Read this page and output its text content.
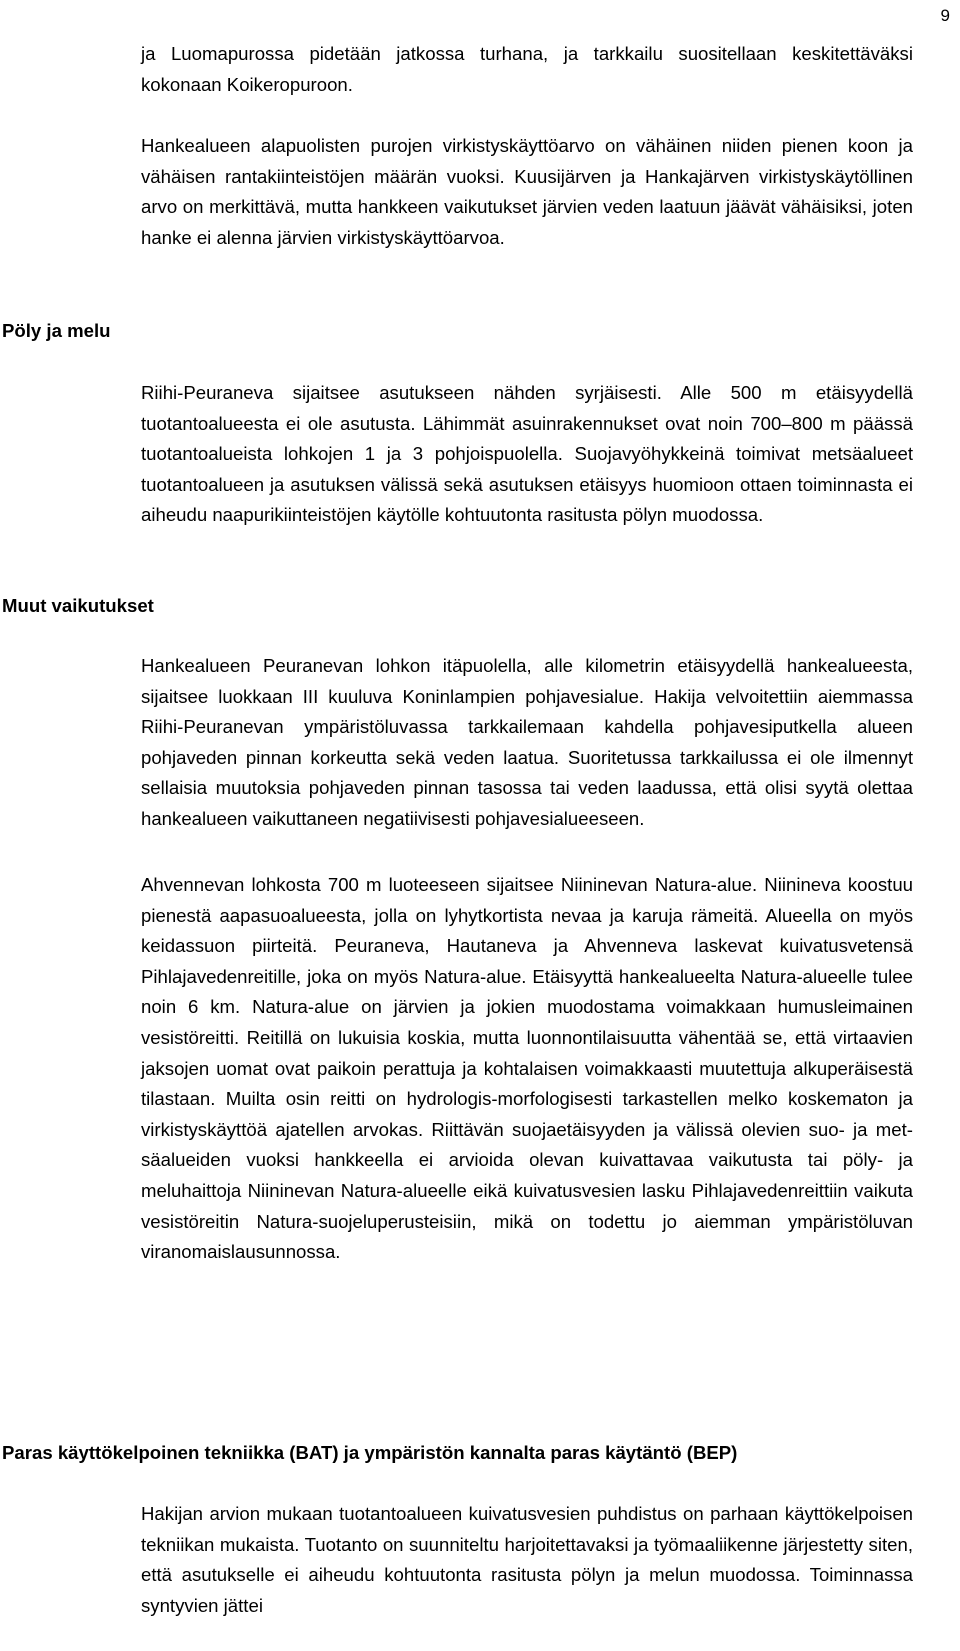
9

ja Luomapurossa pidetään jatkossa turhana, ja tarkkailu suositellaan keskitettäväksi kokonaan Koikeropuroon.

Hankealueen alapuolisten purojen virkistyskäyttöarvo on vähäinen niiden pienen koon ja vähäisen rantakiinteistöjen määrän vuoksi. Kuusijärven ja Hankajärven virkistyskäytöllinen arvo on merkittävä, mutta hankkeen vaikutukset järvien veden laatuun jäävät vähäisiksi, joten hanke ei alenna järvien virkistyskäyttöarvoa.

Pöly ja melu

Riihi-Peuraneva sijaitsee asutukseen nähden syrjäisesti. Alle 500 m etäisyydellä tuotantoalueesta ei ole asutusta. Lähimmät asuinrakennukset ovat noin 700–800 m päässä tuotantoalueista lohkojen 1 ja 3 pohjoispuolella. Suojavyöhykkeinä toimivat metsäalueet tuotantoalueen ja asutuksen välissä sekä asutuksen etäisyys huomioon ottaen toiminnasta ei aiheudu naapurikiinteistöjen käytölle kohtuutonta rasitusta pölyn muodossa.

Muut vaikutukset

Hankealueen Peuranevan lohkon itäpuolella, alle kilometrin etäisyydellä hankealueesta, sijaitsee luokkaan III kuuluva Koninlampien pohjavesialue. Hakija velvoitettiin aiemmassa Riihi-Peuranevan ympäristöluvassa tarkkailemaan kahdella pohjavesiputkella alueen pohjaveden pinnan korkeutta sekä veden laatua. Suoritetussa tarkkailussa ei ole ilmennyt sellaisia muutoksia pohjaveden pinnan tasossa tai veden laadussa, että olisi syytä olettaa hankealueen vaikuttaneen negatiivisesti pohjavesialueeseen.

Ahvennevan lohkosta 700 m luoteeseen sijaitsee Niininevan Natura-alue. Niinineva koostuu pienestä aapasuoalueesta, jolla on lyhytkortista nevaa ja karuja rämeitä. Alueella on myös keidassuon piirteitä. Peuraneva, Hautaneva ja Ahvenneva laskevat kuivatusvetensä Pihlajavedenreitille, joka on myös Natura-alue. Etäisyyttä hankealueelta Natura-alueelle tulee noin 6 km. Natura-alue on järvien ja jokien muodostama voimakkaan humusleimainen vesistöreitti. Reitillä on lukuisia koskia, mutta luonnontilaisuutta vähentää se, että virtaavien jaksojen uomat ovat paikoin perattuja ja kohtalaisen voimakkaasti muutettuja alkuperäisestä tilastaan. Muilta osin reitti on hydrologis-morfologisesti tarkastellen melko koskematon ja virkistyskäyttöä ajatellen arvokas. Riittävän suojaetäisyyden ja välissä olevien suo- ja metsäalueiden vuoksi hankkeella ei arvioida olevan kuivattavaa vaikutusta tai pöly- ja meluhaittoja Niininevan Natura-alueelle eikä kuivatusvesien lasku Pihlajavedenreittiin vaikuta vesistöreitin Natura-suojeluperusteisiin, mikä on todettu jo aiemman ympäristöluvan viranomaislausunnossa.

Paras käyttökelpoinen tekniikka (BAT) ja ympäristön kannalta paras käytäntö (BEP)

Hakijan arvion mukaan tuotantoalueen kuivatusvesien puhdistus on parhaan käyttökelpoisen tekniikan mukaista. Tuotanto on suunniteltu harjoitettavaksi ja työmaaliikenne järjestetty siten, että asutukselle ei aiheudu kohtuutonta rasitusta pölyn ja melun muodossa. Toiminnassa syntyvien jättei
